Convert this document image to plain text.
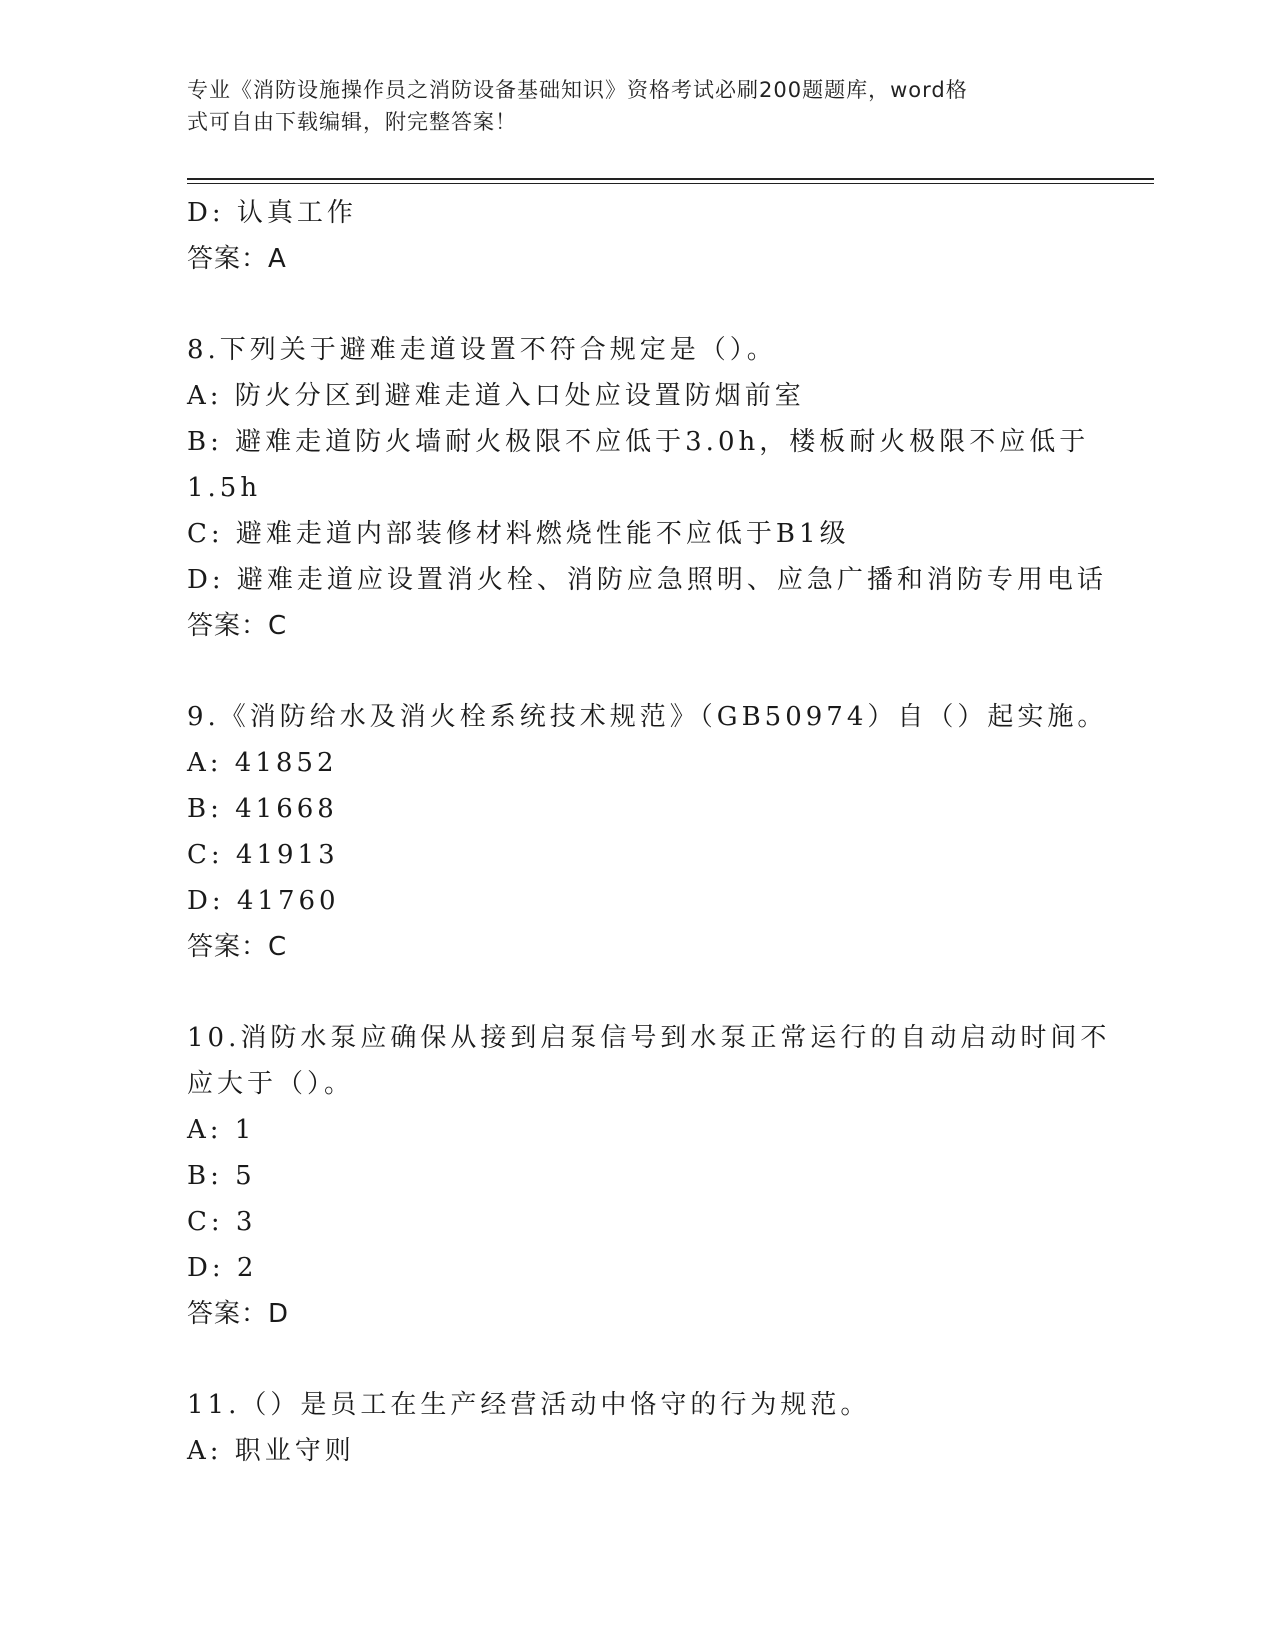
专业《消防设施操作员之消防设备基础知识》资格考试必刷200题题库，word格
式可自由下载编辑，附完整答案！
D: 认真工作
答案：A
8.下列关于避难走道设置不符合规定是（）。
A: 防火分区到避难走道入口处应设置防烟前室
B: 避难走道防火墙耐火极限不应低于3.0h，楼板耐火极限不应低于
1.5h
C: 避难走道内部装修材料燃烧性能不应低于B1级
D: 避难走道应设置消火栓、消防应急照明、应急广播和消防专用电话
答案：C
9.《消防给水及消火栓系统技术规范》（GB50974）自（）起实施。
A: 41852
B: 41668
C: 41913
D: 41760
答案：C
10.消防水泵应确保从接到启泵信号到水泵正常运行的自动启动时间不
应大于（）。
A: 1
B: 5
C: 3
D: 2
答案：D
11.（）是员工在生产经营活动中恪守的行为规范。
A: 职业守则
